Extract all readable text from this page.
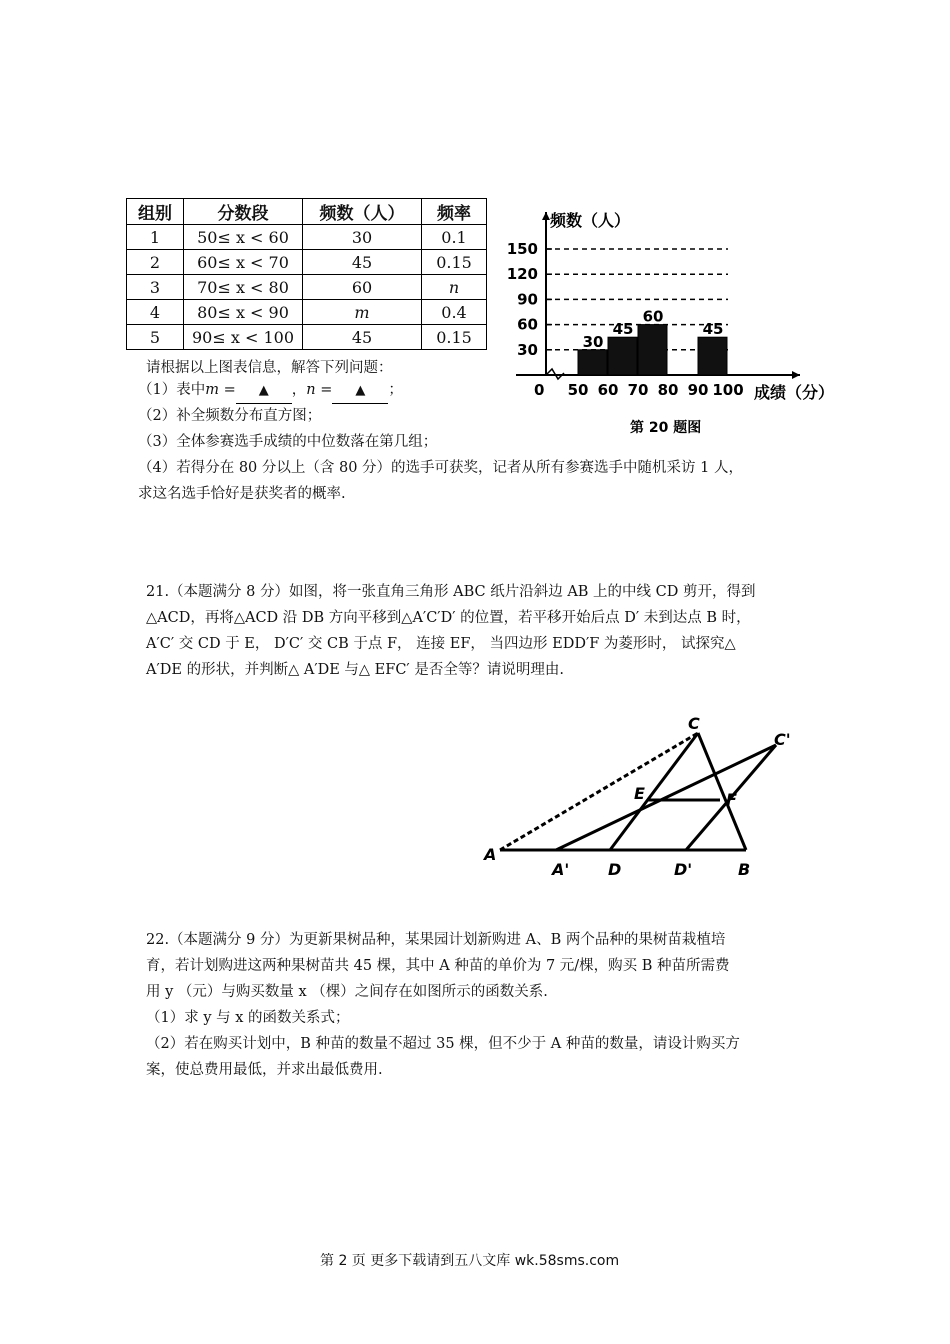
组别	分数段	频数（人）	频率
1	50≤ x < 60	30	0.1
2	60≤ x < 70	45	0.15
3	70≤ x < 80	60	n
4	80≤ x < 90	m	0.4
5	90≤ x < 100	45	0.15
频数（人）
成绩（分）
第 20 题图
30
60
90
120
150
0 50 60 70 80 90 100
30
45
60
45
请根据以上图表信息，解答下列问题：
（1）表中m = ▲ ，n = ▲ ；
（2）补全频数分布直方图；
（3）全体参赛选手成绩的中位数落在第几组；
（4）若得分在 80 分以上（含 80 分）的选手可获奖，记者从所有参赛选手中随机采访 1 人，
求这名选手恰好是获奖者的概率.
21.（本题满分 8 分）如图，将一张直角三角形 ABC 纸片沿斜边 AB 上的中线 CD 剪开，得到
△ACD，再将△ACD 沿 DB 方向平移到△A′C′D′ 的位置，若平移开始后点 D′ 未到达点 B 时，
A′C′ 交 CD 于 E， D′C′ 交 CB 于点 F， 连接 EF， 当四边形 EDD′F 为菱形时， 试探究△
A′DE 的形状，并判断△ A′DE 与△ EFC′ 是否全等？请说明理由.
A
A' D	D'	B
C
C'
E	F
22.（本题满分 9 分）为更新果树品种，某果园计划新购进 A、B 两个品种的果树苗栽植培
育，若计划购进这两种果树苗共 45 棵，其中 A 种苗的单价为 7 元/棵，购买 B 种苗所需费
用 y （元）与购买数量 x （棵）之间存在如图所示的函数关系.
（1）求 y 与 x 的函数关系式；
（2）若在购买计划中，B 种苗的数量不超过 35 棵，但不少于 A 种苗的数量，请设计购买方
案，使总费用最低，并求出最低费用.
第 2 页 更多下载请到五八文库 wk.58sms.com
